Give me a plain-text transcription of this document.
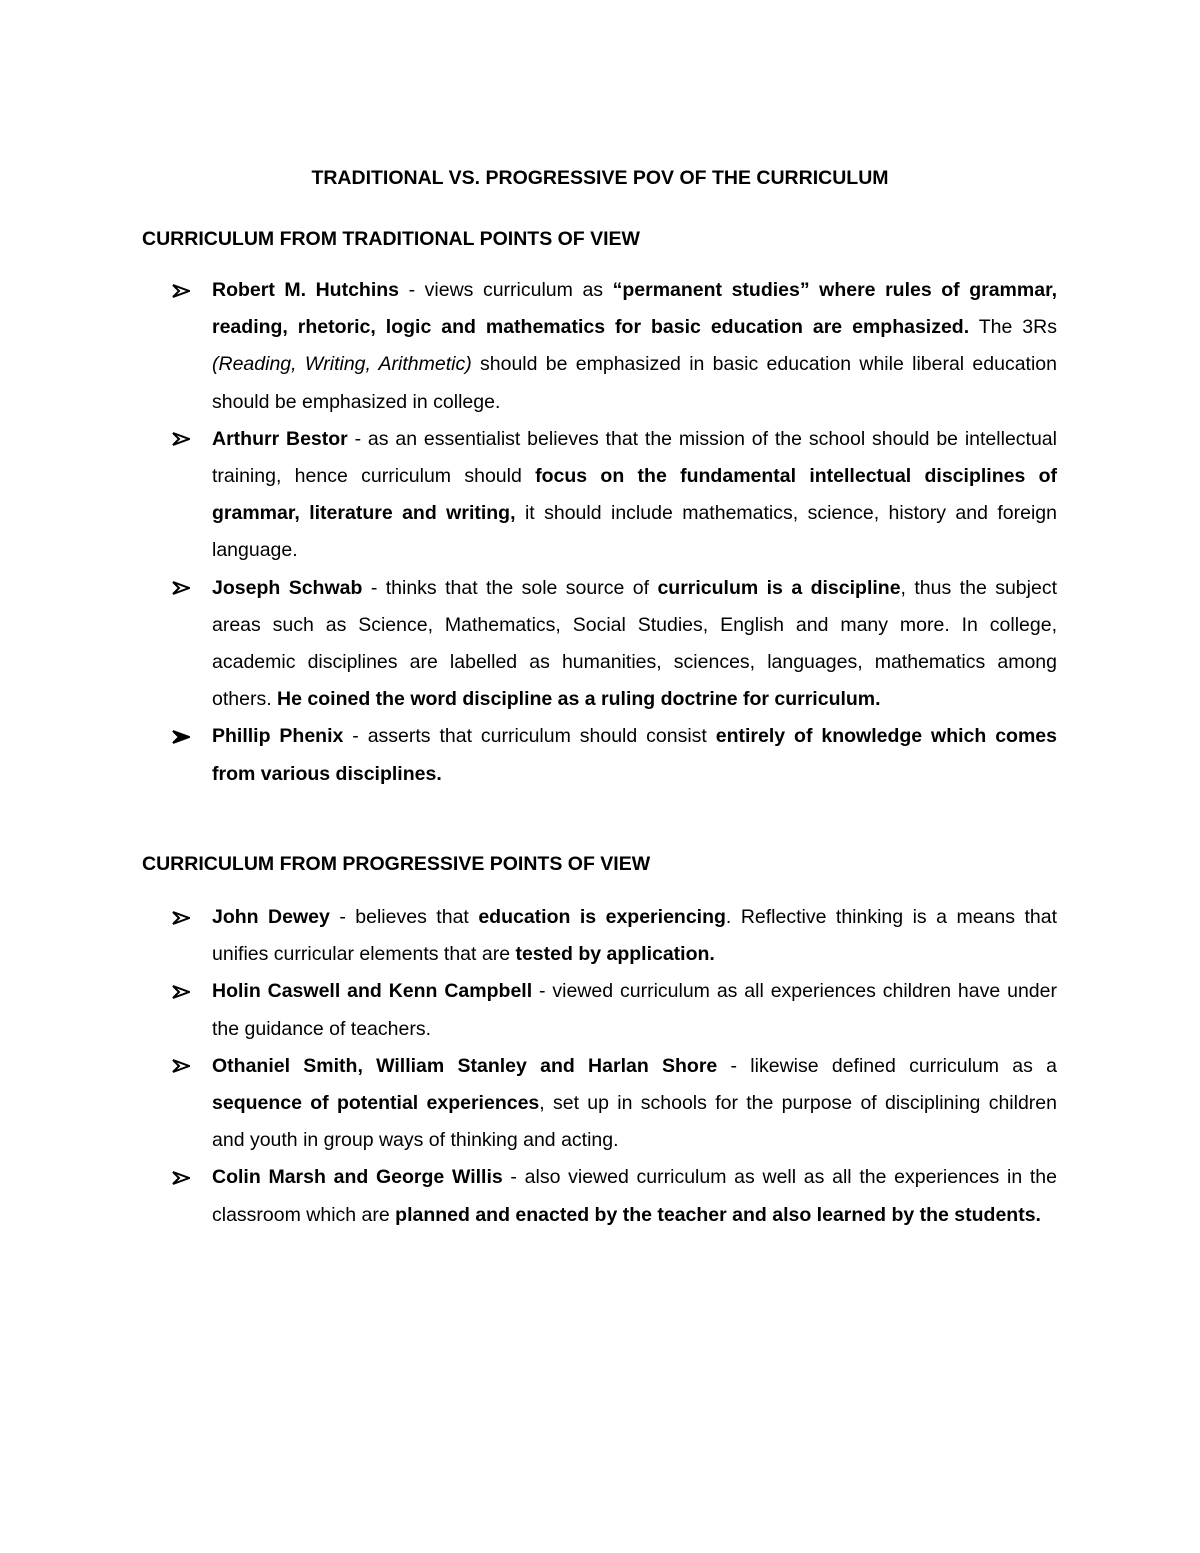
TRADITIONAL VS. PROGRESSIVE POV OF THE CURRICULUM
CURRICULUM FROM TRADITIONAL POINTS OF VIEW
Robert M. Hutchins - views curriculum as “permanent studies” where rules of grammar, reading, rhetoric, logic and mathematics for basic education are emphasized. The 3Rs (Reading, Writing, Arithmetic) should be emphasized in basic education while liberal education should be emphasized in college.
Arthurr Bestor - as an essentialist believes that the mission of the school should be intellectual training, hence curriculum should focus on the fundamental intellectual disciplines of grammar, literature and writing, it should include mathematics, science, history and foreign language.
Joseph Schwab - thinks that the sole source of curriculum is a discipline, thus the subject areas such as Science, Mathematics, Social Studies, English and many more. In college, academic disciplines are labelled as humanities, sciences, languages, mathematics among others. He coined the word discipline as a ruling doctrine for curriculum.
Phillip Phenix - asserts that curriculum should consist entirely of knowledge which comes from various disciplines.
CURRICULUM FROM PROGRESSIVE POINTS OF VIEW
John Dewey - believes that education is experiencing. Reflective thinking is a means that unifies curricular elements that are tested by application.
Holin Caswell and Kenn Campbell - viewed curriculum as all experiences children have under the guidance of teachers.
Othaniel Smith, William Stanley and Harlan Shore - likewise defined curriculum as a sequence of potential experiences, set up in schools for the purpose of disciplining children and youth in group ways of thinking and acting.
Colin Marsh and George Willis - also viewed curriculum as well as all the experiences in the classroom which are planned and enacted by the teacher and also learned by the students.
